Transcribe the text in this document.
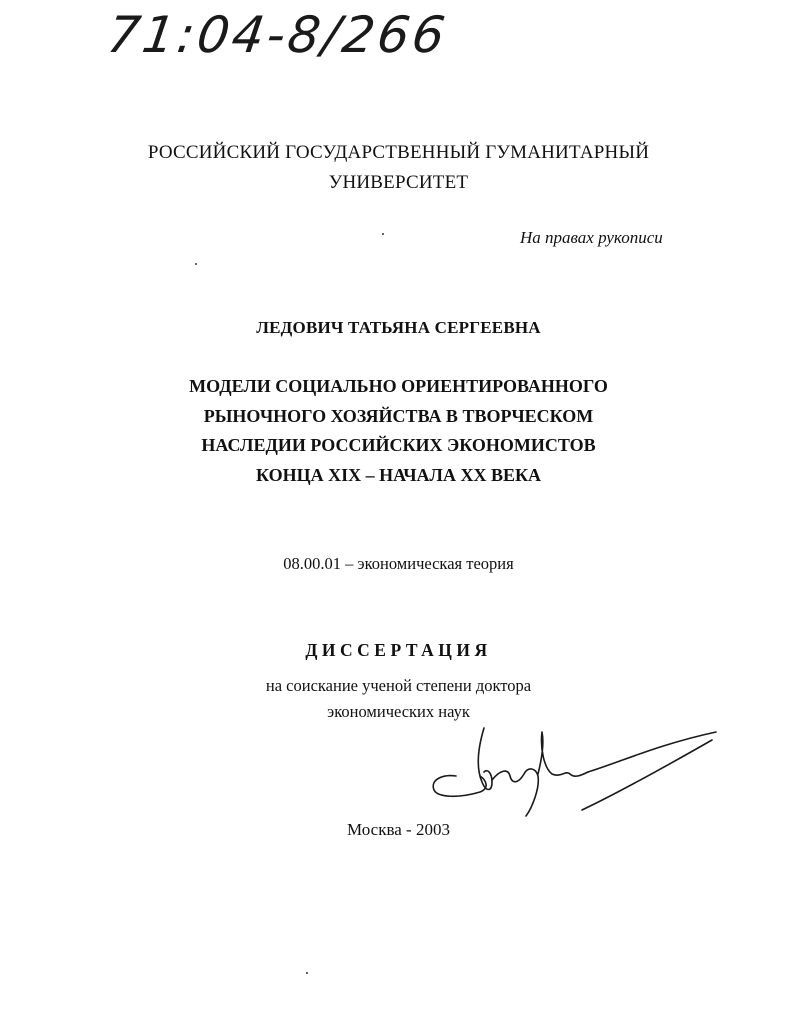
71:04-8/266
РОССИЙСКИЙ ГОСУДАРСТВЕННЫЙ ГУМАНИТАРНЫЙ
УНИВЕРСИТЕТ
На правах рукописи
ЛЕДОВИЧ ТАТЬЯНА СЕРГЕЕВНА
МОДЕЛИ СОЦИАЛЬНО ОРИЕНТИРОВАННОГО
РЫНОЧНОГО ХОЗЯЙСТВА В ТВОРЧЕСКОМ
НАСЛЕДИИ РОССИЙСКИХ ЭКОНОМИСТОВ
КОНЦА XIX – НАЧАЛА XX ВЕКА
08.00.01 – экономическая теория
ДИССЕРТАЦИЯ
на соискание ученой степени доктора
экономических наук
Москва - 2003
